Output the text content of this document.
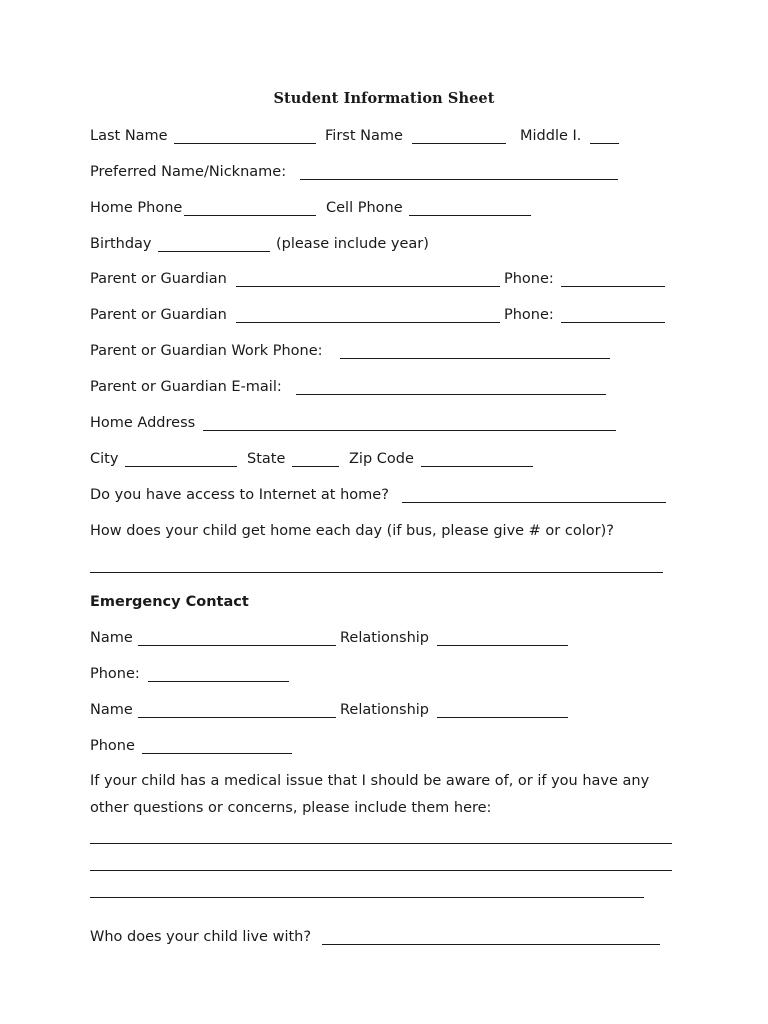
Student Information Sheet
Last Name	First Name	Middle I.
Preferred Name/Nickname:
Home Phone	Cell Phone
Birthday	(please include year)
Parent or Guardian	Phone:
Parent or Guardian	Phone:
Parent or Guardian Work Phone:
Parent or Guardian E-mail:
Home Address
City	State	Zip Code
Do you have access to Internet at home?
How does your child get home each day (if bus, please give # or color)?
Emergency Contact
Name	Relationship
Phone:
Name	Relationship
Phone
If your child has a medical issue that I should be aware of, or if you have any
other questions or concerns, please include them here:
Who does your child live with?
